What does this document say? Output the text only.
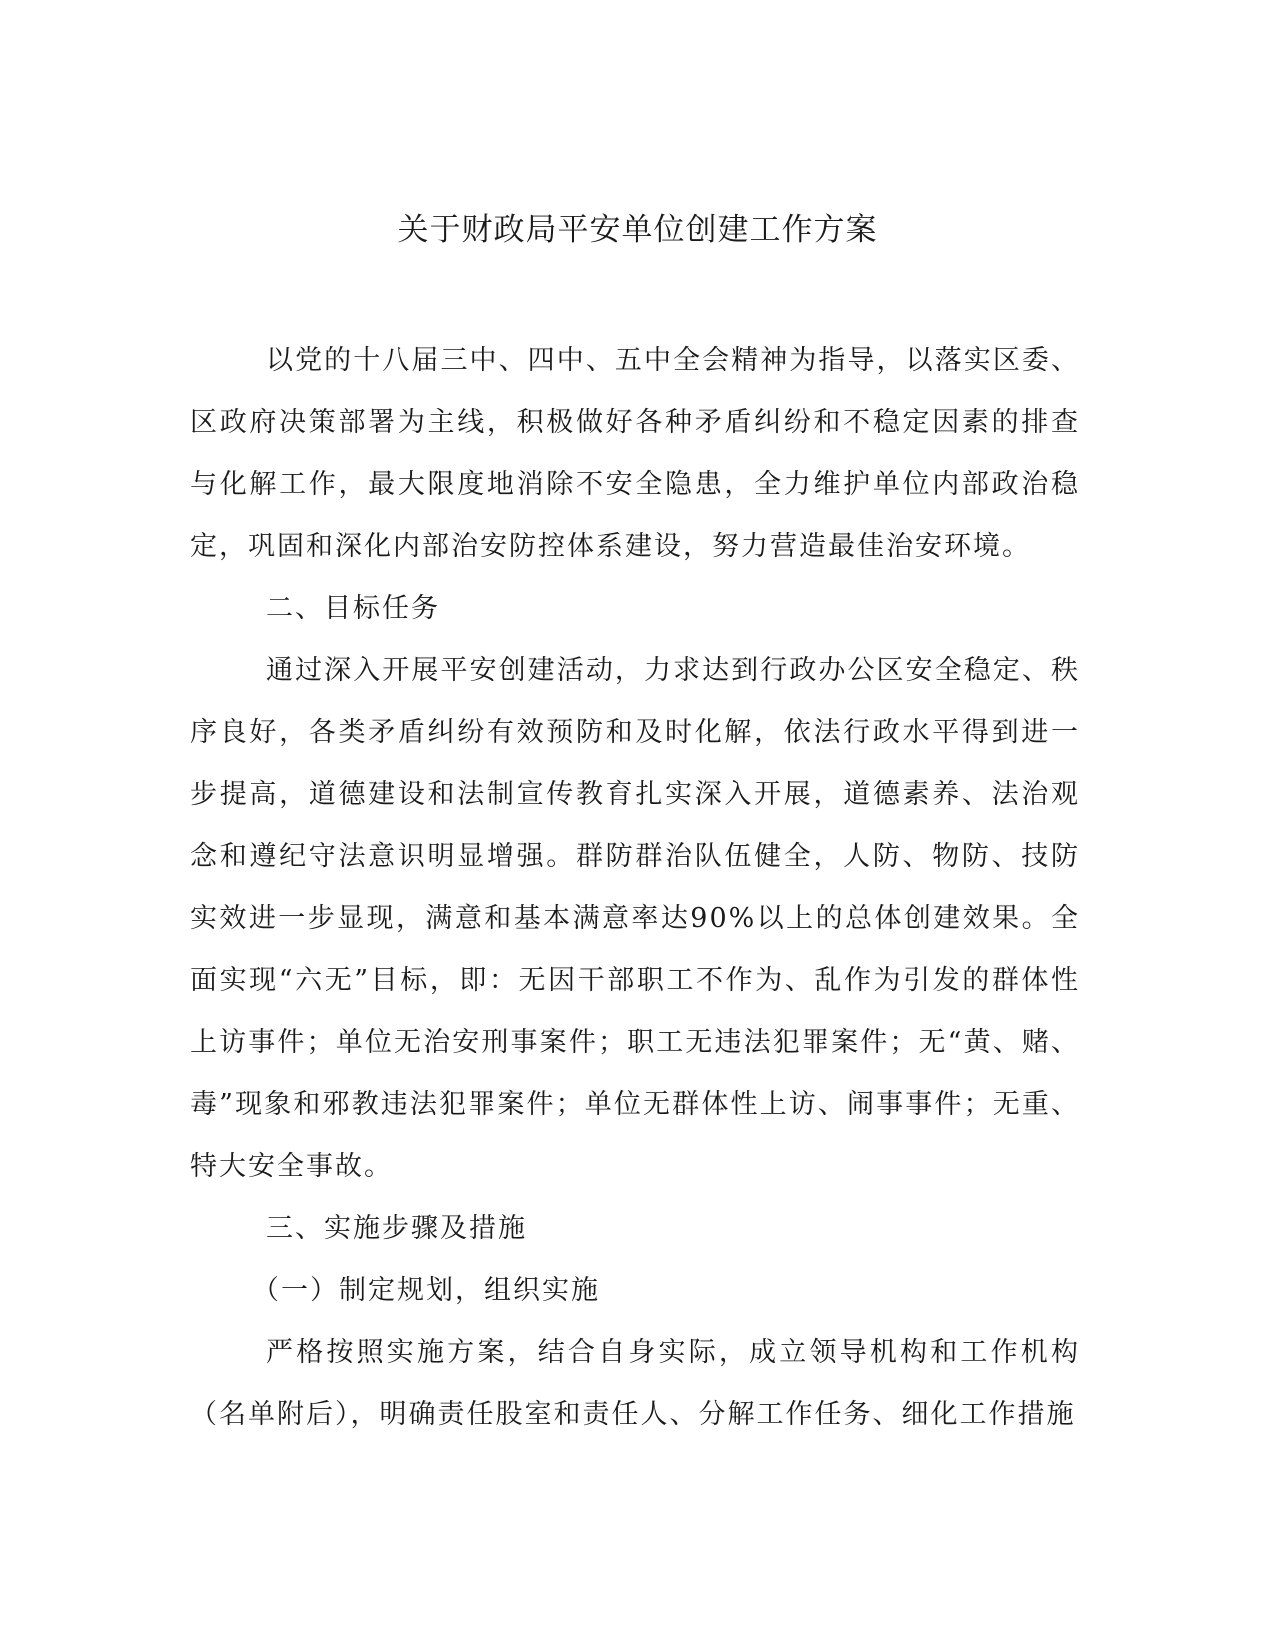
关于财政局平安单位创建工作方案

以党的十八届三中、四中、五中全会精神为指导，以落实区委、区政府决策部署为主线，积极做好各种矛盾纠纷和不稳定因素的排查与化解工作，最大限度地消除不安全隐患，全力维护单位内部政治稳定，巩固和深化内部治安防控体系建设，努力营造最佳治安环境。

二、目标任务

通过深入开展平安创建活动，力求达到行政办公区安全稳定、秩序良好，各类矛盾纠纷有效预防和及时化解，依法行政水平得到进一步提高，道德建设和法制宣传教育扎实深入开展，道德素养、法治观念和遵纪守法意识明显增强。群防群治队伍健全，人防、物防、技防实效进一步显现，满意和基本满意率达90%以上的总体创建效果。全面实现“六无”目标，即：无因干部职工不作为、乱作为引发的群体性上访事件；单位无治安刑事案件；职工无违法犯罪案件；无“黄、赌、毒”现象和邪教违法犯罪案件；单位无群体性上访、闹事事件；无重、特大安全事故。

三、实施步骤及措施

（一）制定规划，组织实施

严格按照实施方案，结合自身实际，成立领导机构和工作机构（名单附后），明确责任股室和责任人、分解工作任务、细化工作措施
